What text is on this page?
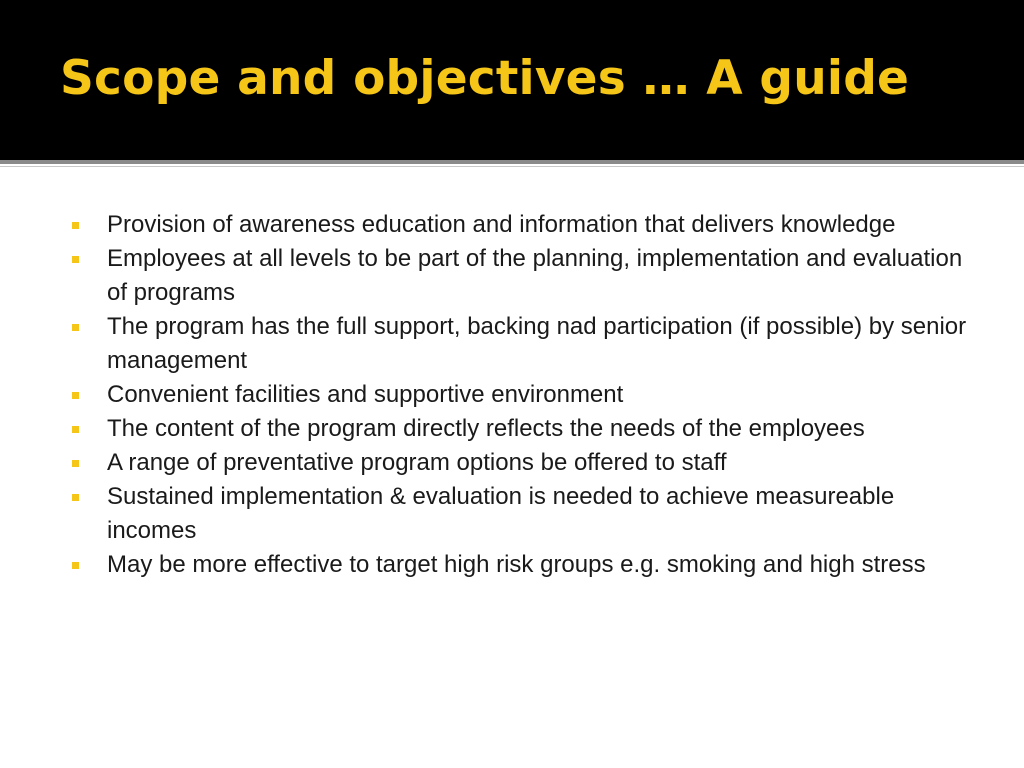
Scope and objectives … A guide
Provision of awareness education and information that delivers knowledge
Employees at all levels to be part of the planning, implementation and evaluation of programs
The program has the full support, backing nad participation (if possible) by senior management
Convenient facilities and supportive environment
The content of the program directly reflects the needs of the employees
A range of preventative program options be offered to staff
Sustained implementation & evaluation is needed to achieve measureable incomes
May be more effective to target high risk groups e.g. smoking and high stress
